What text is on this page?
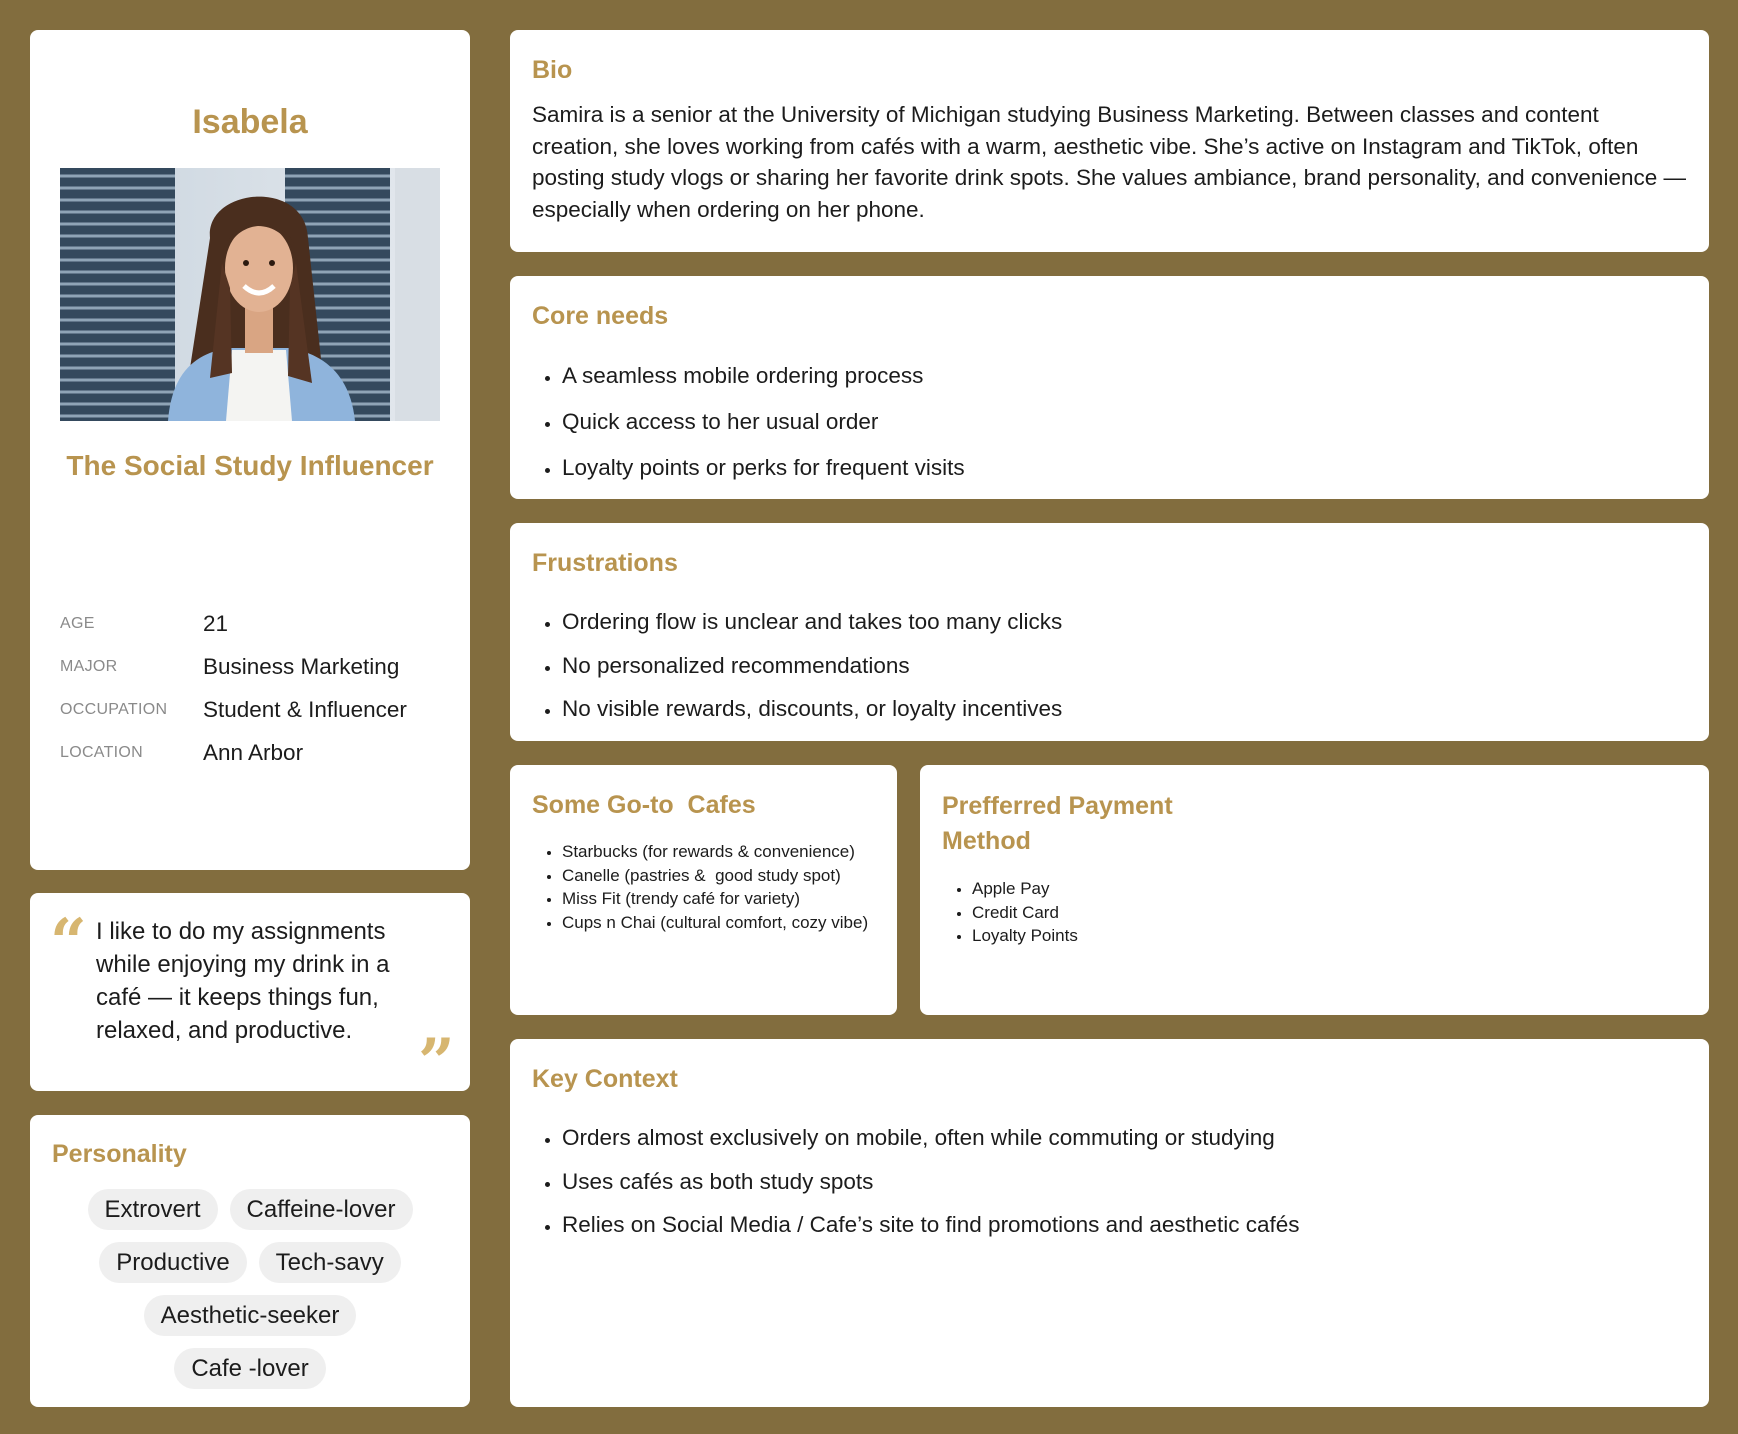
Isabela
The Social Study Influencer
AGE	21
MAJOR	Business Marketing
OCCUPATION	Student & Influencer
LOCATION	Ann Arbor
“ I like to do my assignments while enjoying my drink in a café — it keeps things fun, relaxed, and productive.	”
Personality
Extrovert	Caffeine-lover
Productive	Tech-savy
Aesthetic-seeker
Cafe -lover
Bio

Samira is a senior at the University of Michigan studying Business Marketing. Between classes and content creation, she loves working from cafés with a warm, aesthetic vibe. She’s active on Instagram and TikTok, often posting study vlogs or sharing her favorite drink spots. She values ambiance, brand personality, and convenience — especially when ordering on her phone.

Core needs
• A seamless mobile ordering process
• Quick access to her usual order
• Loyalty points or perks for frequent visits
Frustrations
• Ordering flow is unclear and takes too many clicks
• No personalized recommendations
• No visible rewards, discounts, or loyalty incentives
Some Go-to  Cafes
• Starbucks (for rewards & convenience)
• Canelle (pastries &  good study spot)
• Miss Fit (trendy café for variety)
• Cups n Chai (cultural comfort, cozy vibe)
Prefferred Payment Method
• Apple Pay
• Credit Card
• Loyalty Points
Key Context
• Orders almost exclusively on mobile, often while commuting or studying
• Uses cafés as both study spots
• Relies on Social Media / Cafe’s site to find promotions and aesthetic cafés
